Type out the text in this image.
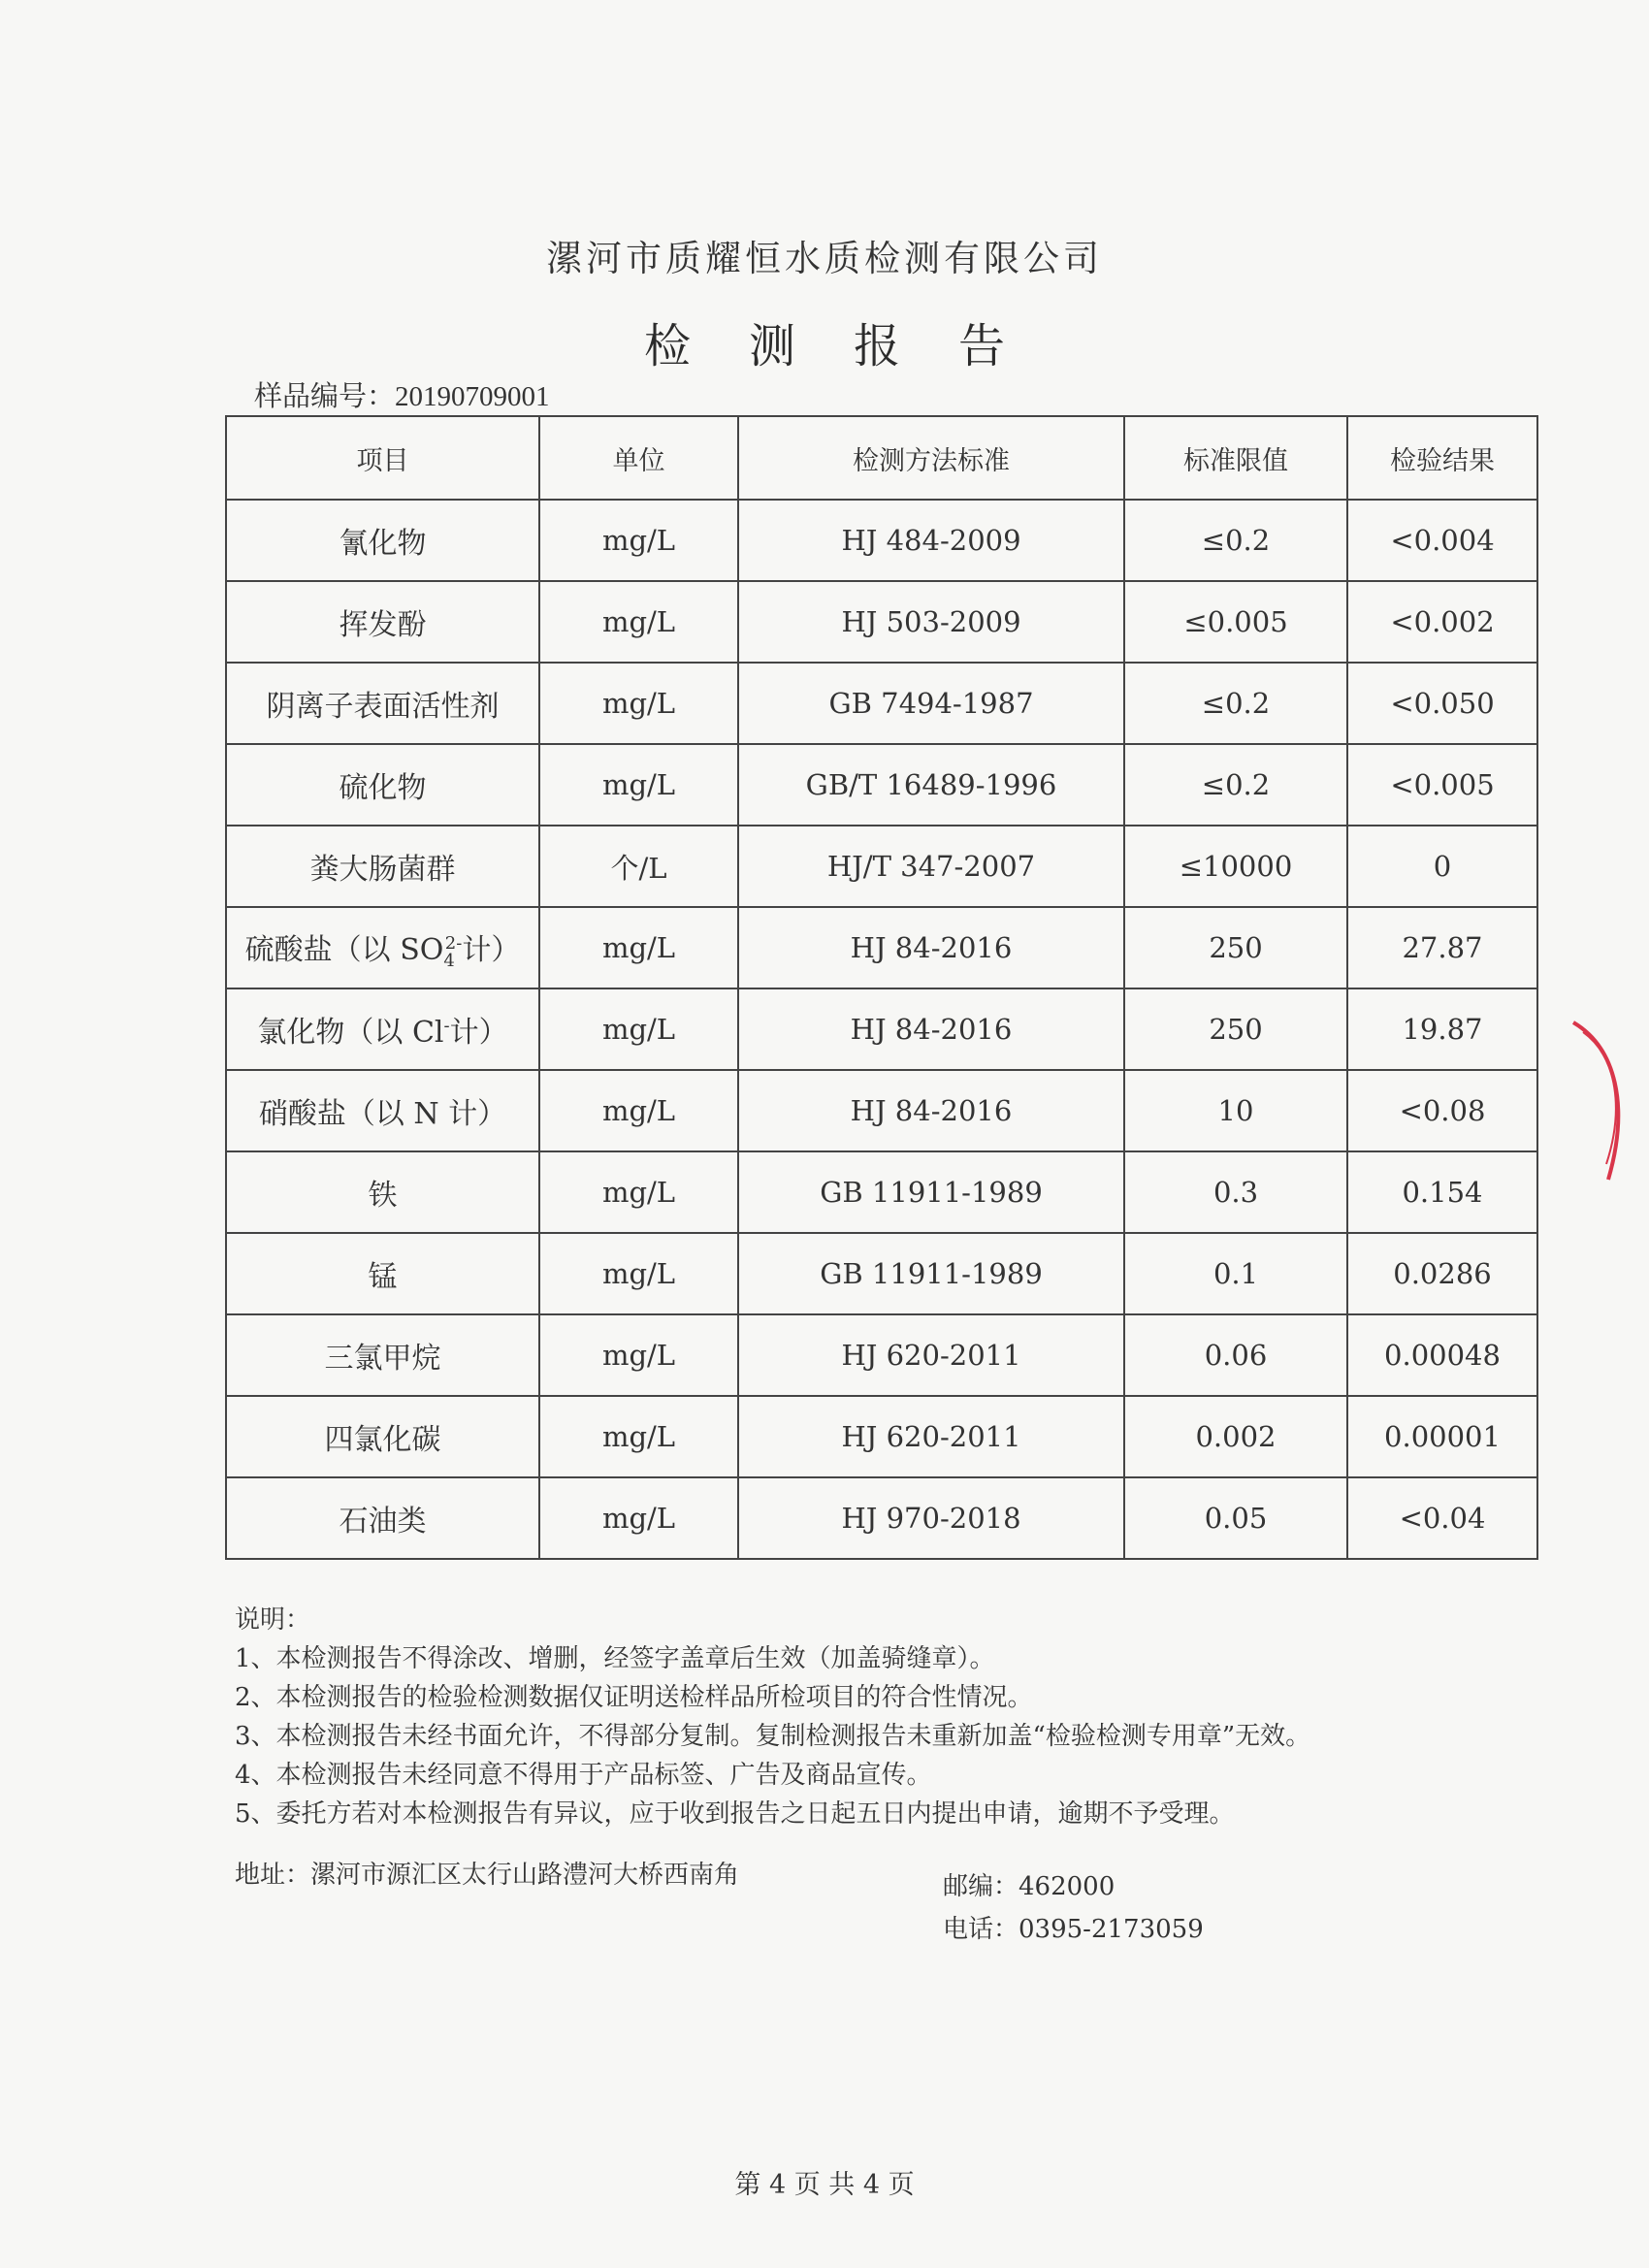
漯河市质耀恒水质检测有限公司
检测报告
样品编号：20190709001
项目	单位	检测方法标准	标准限值	检验结果
氰化物	mg/L	HJ 484-2009	≤0.2	<0.004
挥发酚	mg/L	HJ 503-2009	≤0.005	<0.002
阴离子表面活性剂	mg/L	GB 7494-1987	≤0.2	<0.050
硫化物	mg/L	GB/T 16489-1996	≤0.2	<0.005
粪大肠菌群	个/L	HJ/T 347-2007	≤10000	0
硫酸盐（以 $SO_4^{2-}$计）	mg/L	HJ 84-2016	250	27.87
氯化物（以 Cl-计）	mg/L	HJ 84-2016	250	19.87
硝酸盐（以 N 计）	mg/L	HJ 84-2016	10	<0.08
铁	mg/L	GB 11911-1989	0.3	0.154
锰	mg/L	GB 11911-1989	0.1	0.0286
三氯甲烷	mg/L	HJ 620-2011	0.06	0.00048
四氯化碳	mg/L	HJ 620-2011	0.002	0.00001
石油类	mg/L	HJ 970-2018	0.05	<0.04
说明：
1、本检测报告不得涂改、增删，经签字盖章后生效（加盖骑缝章）。
2、本检测报告的检验检测数据仅证明送检样品所检项目的符合性情况。
3、本检测报告未经书面允许，不得部分复制。复制检测报告未重新加盖“检验检测专用章”无效。
4、本检测报告未经同意不得用于产品标签、广告及商品宣传。
5、委托方若对本检测报告有异议，应于收到报告之日起五日内提出申请，逾期不予受理。
地址：漯河市源汇区太行山路澧河大桥西南角	邮编：462000
电话：0395-2173059
第 4 页 共 4 页
